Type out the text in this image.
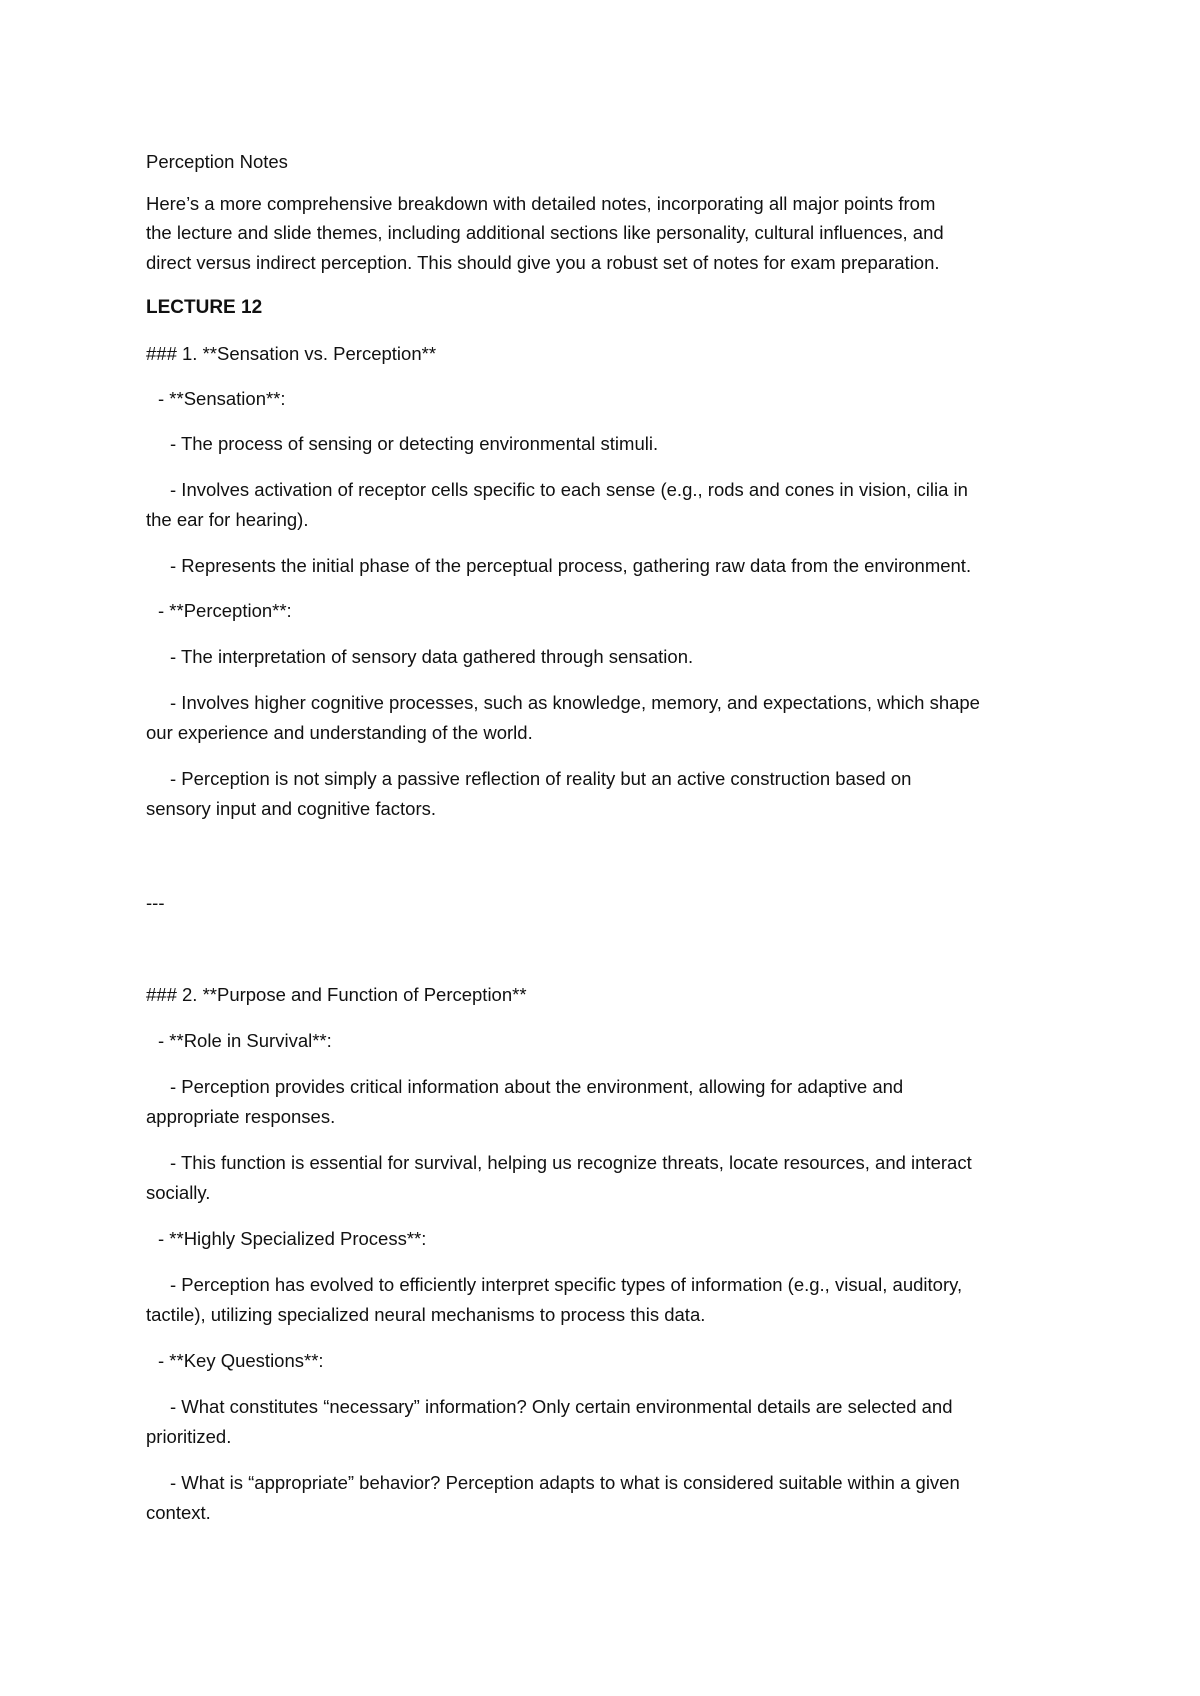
Perception Notes

Here’s a more comprehensive breakdown with detailed notes, incorporating all major points from

the lecture and slide themes, including additional sections like personality, cultural influences, and

direct versus indirect perception. This should give you a robust set of notes for exam preparation.

LECTURE 12

### 1. **Sensation vs. Perception**

- **Sensation**:

- The process of sensing or detecting environmental stimuli.

- Involves activation of receptor cells specific to each sense (e.g., rods and cones in vision, cilia in

the ear for hearing).

- Represents the initial phase of the perceptual process, gathering raw data from the environment.

- **Perception**:

- The interpretation of sensory data gathered through sensation.

- Involves higher cognitive processes, such as knowledge, memory, and expectations, which shape

our experience and understanding of the world.

- Perception is not simply a passive reflection of reality but an active construction based on

sensory input and cognitive factors.

---

### 2. **Purpose and Function of Perception**

- **Role in Survival**:

- Perception provides critical information about the environment, allowing for adaptive and

appropriate responses.

- This function is essential for survival, helping us recognize threats, locate resources, and interact

socially.

- **Highly Specialized Process**:

- Perception has evolved to efficiently interpret specific types of information (e.g., visual, auditory,

tactile), utilizing specialized neural mechanisms to process this data.

- **Key Questions**:

- What constitutes “necessary” information? Only certain environmental details are selected and

prioritized.

- What is “appropriate” behavior? Perception adapts to what is considered suitable within a given

context.
